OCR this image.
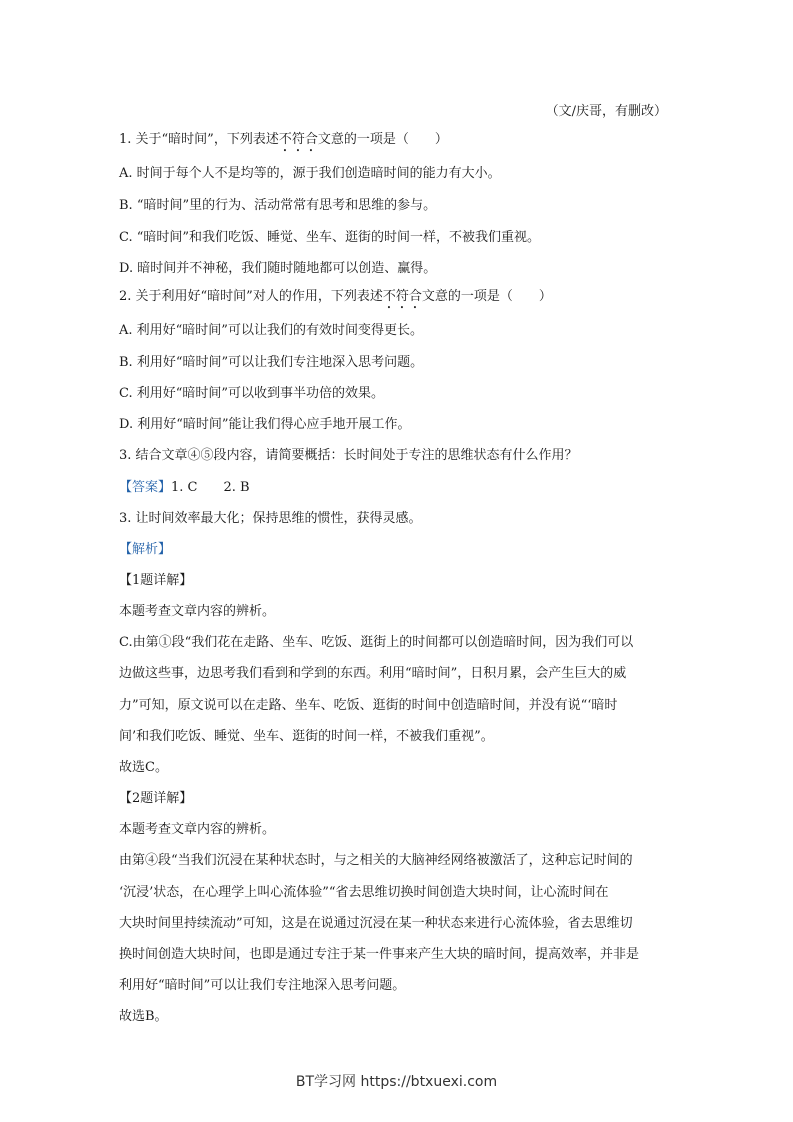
（文/庆哥，有删改）
1. 关于“暗时间”，下列表述不符合文意的一项是（　　）
A. 时间于每个人不是均等的，源于我们创造暗时间的能力有大小。
B. “暗时间”里的行为、活动常常有思考和思维的参与。
C. “暗时间”和我们吃饭、睡觉、坐车、逛街的时间一样，不被我们重视。
D. 暗时间并不神秘，我们随时随地都可以创造、赢得。
2. 关于利用好“暗时间”对人的作用，下列表述不符合文意的一项是（　　）
A. 利用好“暗时间”可以让我们的有效时间变得更长。
B. 利用好“暗时间”可以让我们专注地深入思考问题。
C. 利用好“暗时间”可以收到事半功倍的效果。
D. 利用好“暗时间”能让我们得心应手地开展工作。
3. 结合文章④⑤段内容，请简要概括：长时间处于专注的思维状态有什么作用？
【答案】1. C　　2. B
3. 让时间效率最大化；保持思维的惯性，获得灵感。
【解析】
【1题详解】
本题考查文章内容的辨析。
C.由第①段“我们花在走路、坐车、吃饭、逛街上的时间都可以创造暗时间，因为我们可以
边做这些事，边思考我们看到和学到的东西。利用“暗时间”，日积月累，会产生巨大的威
力”可知，原文说可以在走路、坐车、吃饭、逛街的时间中创造暗时间，并没有说“‘暗时
间’和我们吃饭、睡觉、坐车、逛街的时间一样，不被我们重视”。
故选C。
【2题详解】
本题考查文章内容的辨析。
由第④段“当我们沉浸在某种状态时，与之相关的大脑神经网络被激活了，这种忘记时间的
‘沉浸’状态，在心理学上叫心流体验”“省去思维切换时间创造大块时间，让心流时间在
大块时间里持续流动”可知，这是在说通过沉浸在某一种状态来进行心流体验，省去思维切
换时间创造大块时间，也即是通过专注于某一件事来产生大块的暗时间，提高效率，并非是
利用好“暗时间”可以让我们专注地深入思考问题。
故选B。
BT学习网 https://btxuexi.com
